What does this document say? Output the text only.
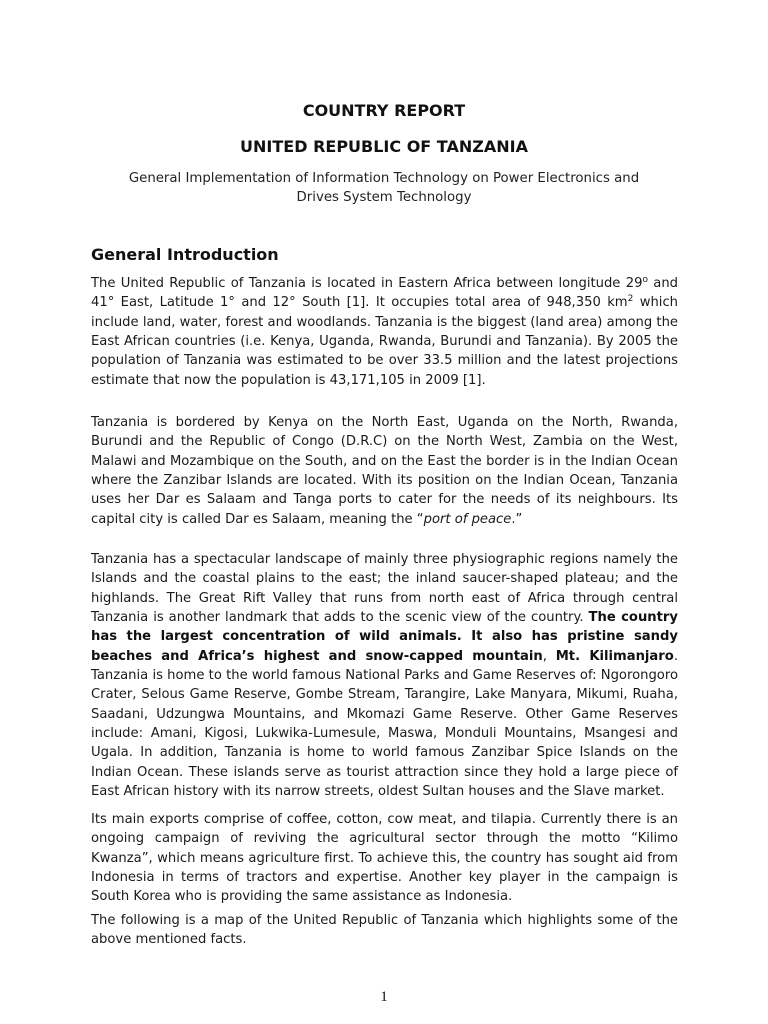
COUNTRY REPORT
UNITED REPUBLIC OF TANZANIA

General Implementation of Information Technology on Power Electronics and Drives System Technology

General Introduction

The United Republic of Tanzania is located in Eastern Africa between longitude 29$^o$ and 41° East, Latitude 1° and 12° South [1]. It occupies total area of 948,350 $km^2$ which include land, water, forest and woodlands. Tanzania is the biggest (land area) among the East African countries (i.e. Kenya, Uganda, Rwanda, Burundi and Tanzania). By 2005 the population of Tanzania was estimated to be over 33.5 million and the latest projections estimate that now the population is 43,171,105 in 2009 [1].

Tanzania is bordered by Kenya on the North East, Uganda on the North, Rwanda, Burundi and the Republic of Congo (D.R.C) on the North West, Zambia on the West, Malawi and Mozambique on the South, and on the East the border is in the Indian Ocean where the Zanzibar Islands are located. With its position on the Indian Ocean, Tanzania uses her Dar es Salaam and Tanga ports to cater for the needs of its neighbours. Its capital city is called Dar es Salaam, meaning the “port of peace.”

Tanzania has a spectacular landscape of mainly three physiographic regions namely the Islands and the coastal plains to the east; the inland saucer-shaped plateau; and the highlands. The Great Rift Valley that runs from north east of Africa through central Tanzania is another landmark that adds to the scenic view of the country. The country has the largest concentration of wild animals. It also has pristine sandy beaches and Africa’s highest and snow-capped mountain, Mt. Kilimanjaro. Tanzania is home to the world famous National Parks and Game Reserves of: Ngorongoro Crater, Selous Game Reserve, Gombe Stream, Tarangire, Lake Manyara, Mikumi, Ruaha, Saadani, Udzungwa Mountains, and Mkomazi Game Reserve. Other Game Reserves include: Amani, Kigosi, Lukwika-Lumesule, Maswa, Monduli Mountains, Msangesi and Ugala. In addition, Tanzania is home to world famous Zanzibar Spice Islands on the Indian Ocean. These islands serve as tourist attraction since they hold a large piece of East African history with its narrow streets, oldest Sultan houses and the Slave market.

Its main exports comprise of coffee, cotton, cow meat, and tilapia. Currently there is an ongoing campaign of reviving the agricultural sector through the motto “Kilimo Kwanza”, which means agriculture first. To achieve this, the country has sought aid from Indonesia in terms of tractors and expertise. Another key player in the campaign is South Korea who is providing the same assistance as Indonesia.

The following is a map of the United Republic of Tanzania which highlights some of the above mentioned facts.

1
